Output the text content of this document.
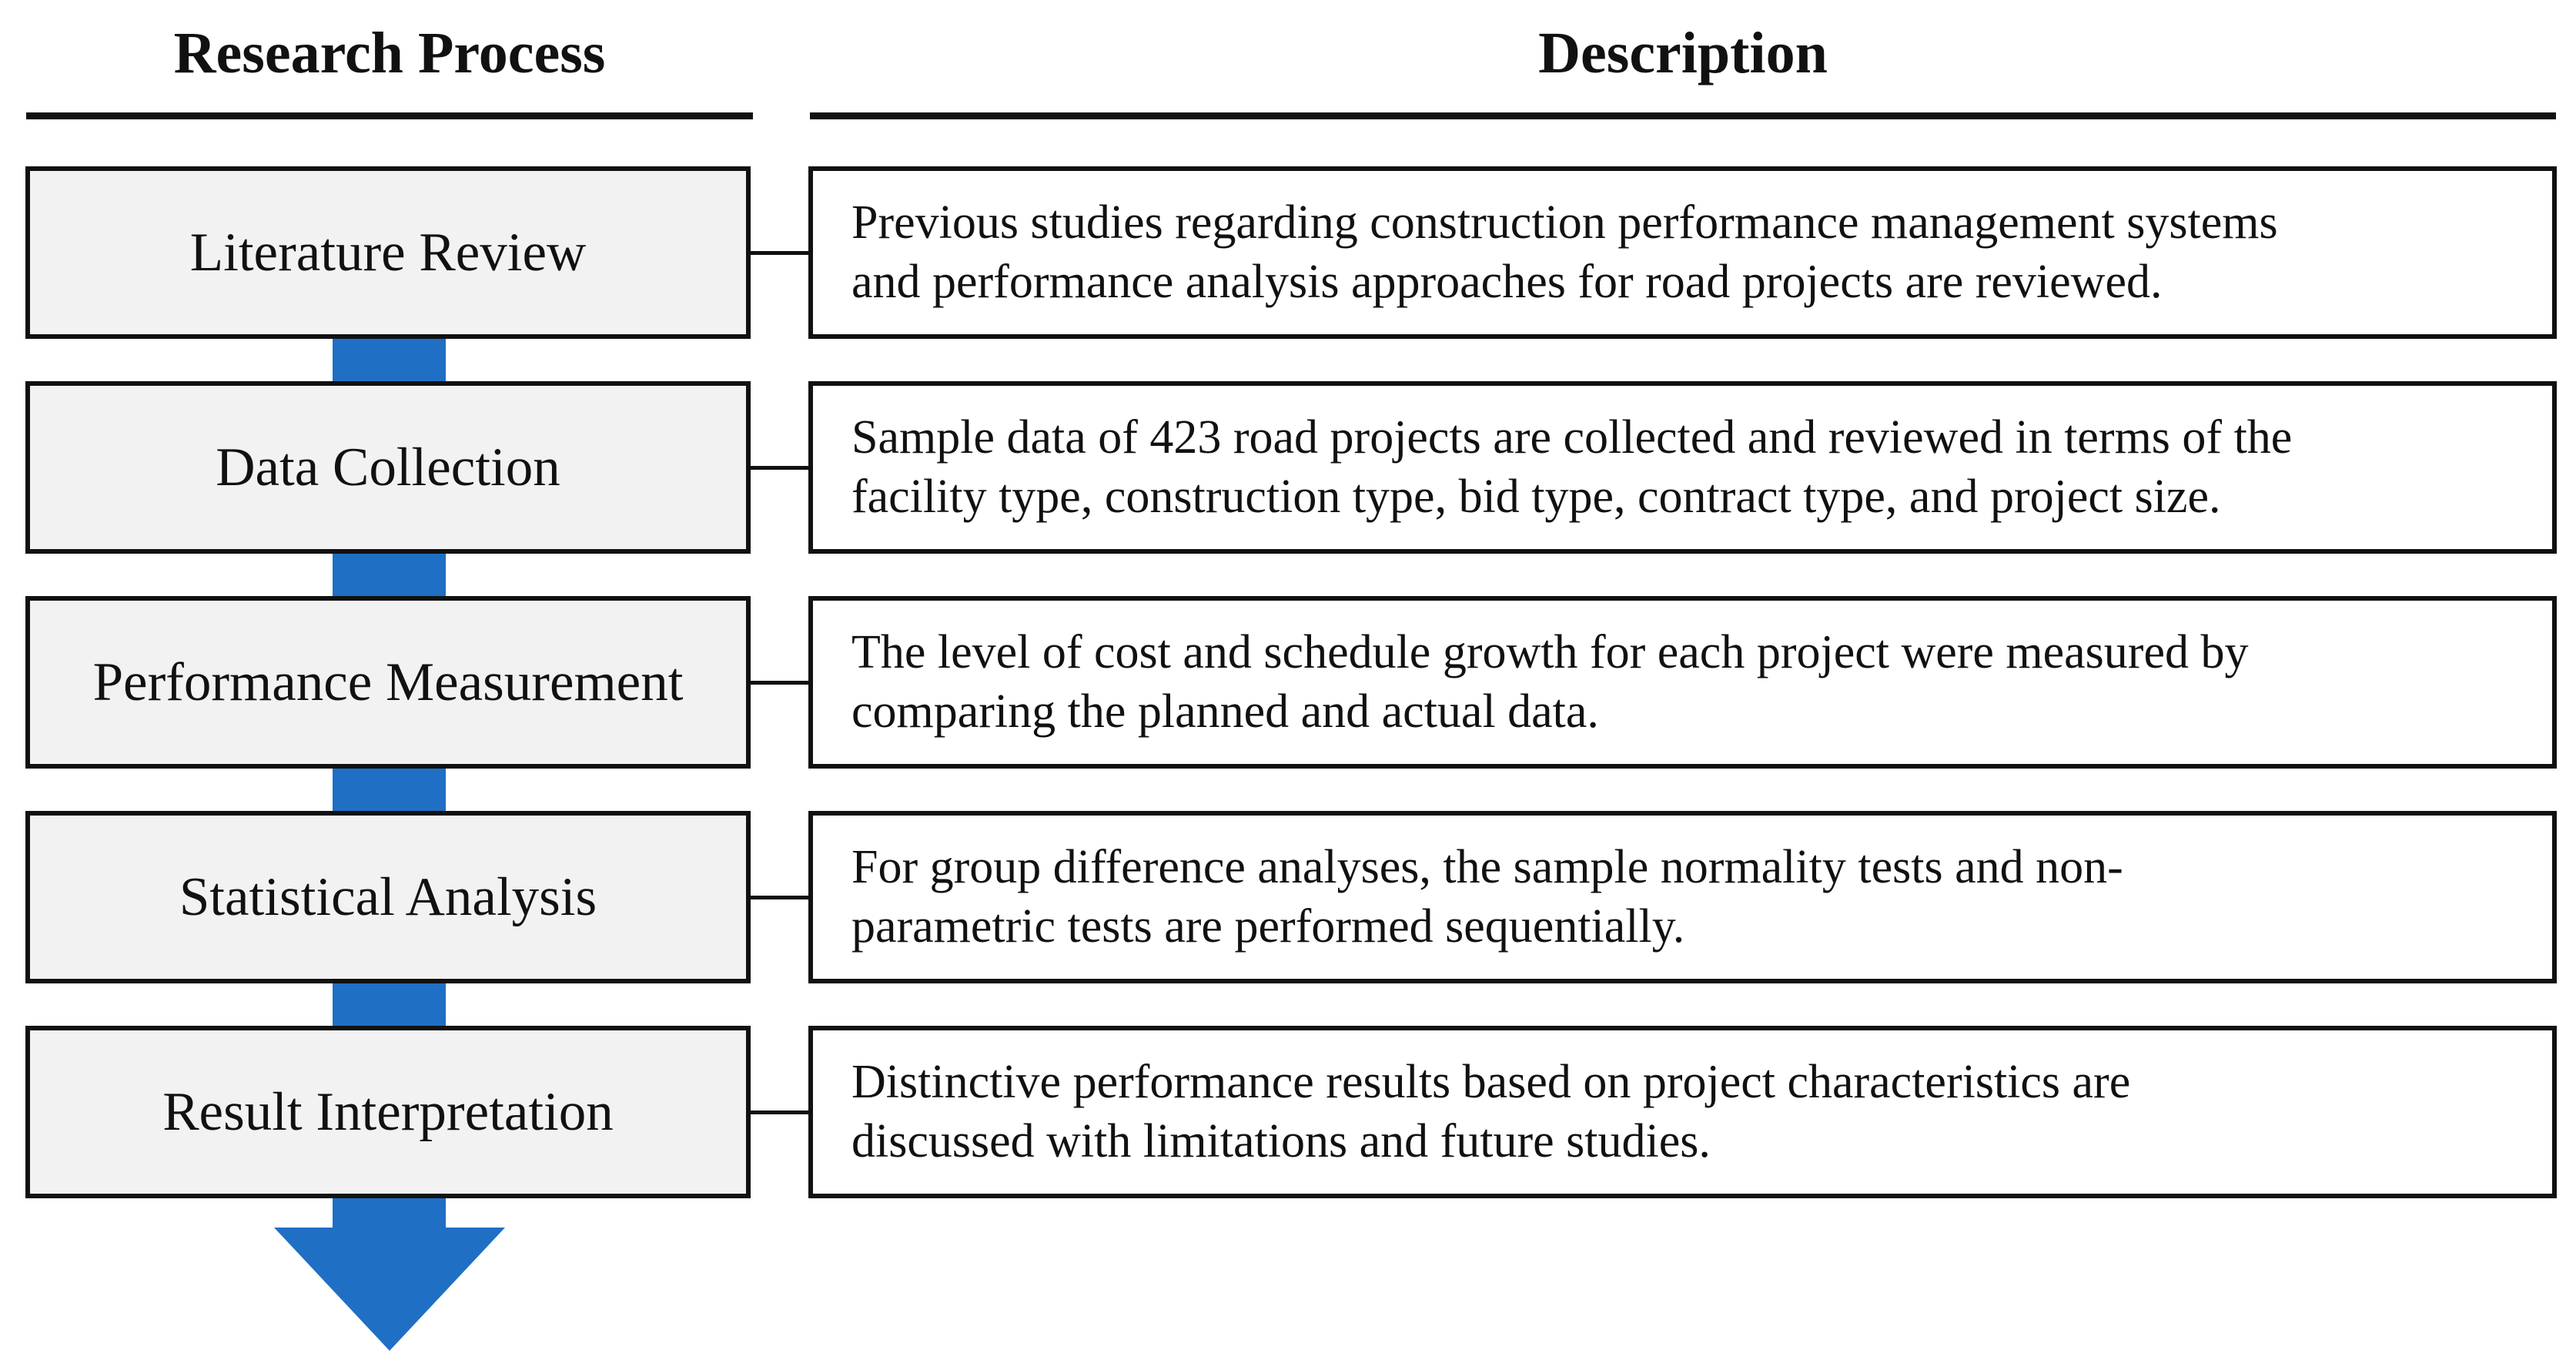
Research Process	Description
Literature Review	Previous studies regarding construction performance management systems
and performance analysis approaches for road projects are reviewed.
Data Collection	Sample data of 423 road projects are collected and reviewed in terms of the
facility type, construction type, bid type, contract type, and project size.
Performance Measurement	The level of cost and schedule growth for each project were measured by
comparing the planned and actual data.
Statistical Analysis	For group difference analyses, the sample normality tests and non-
parametric tests are performed sequentially.
Result Interpretation	Distinctive performance results based on project characteristics are
discussed with limitations and future studies.
